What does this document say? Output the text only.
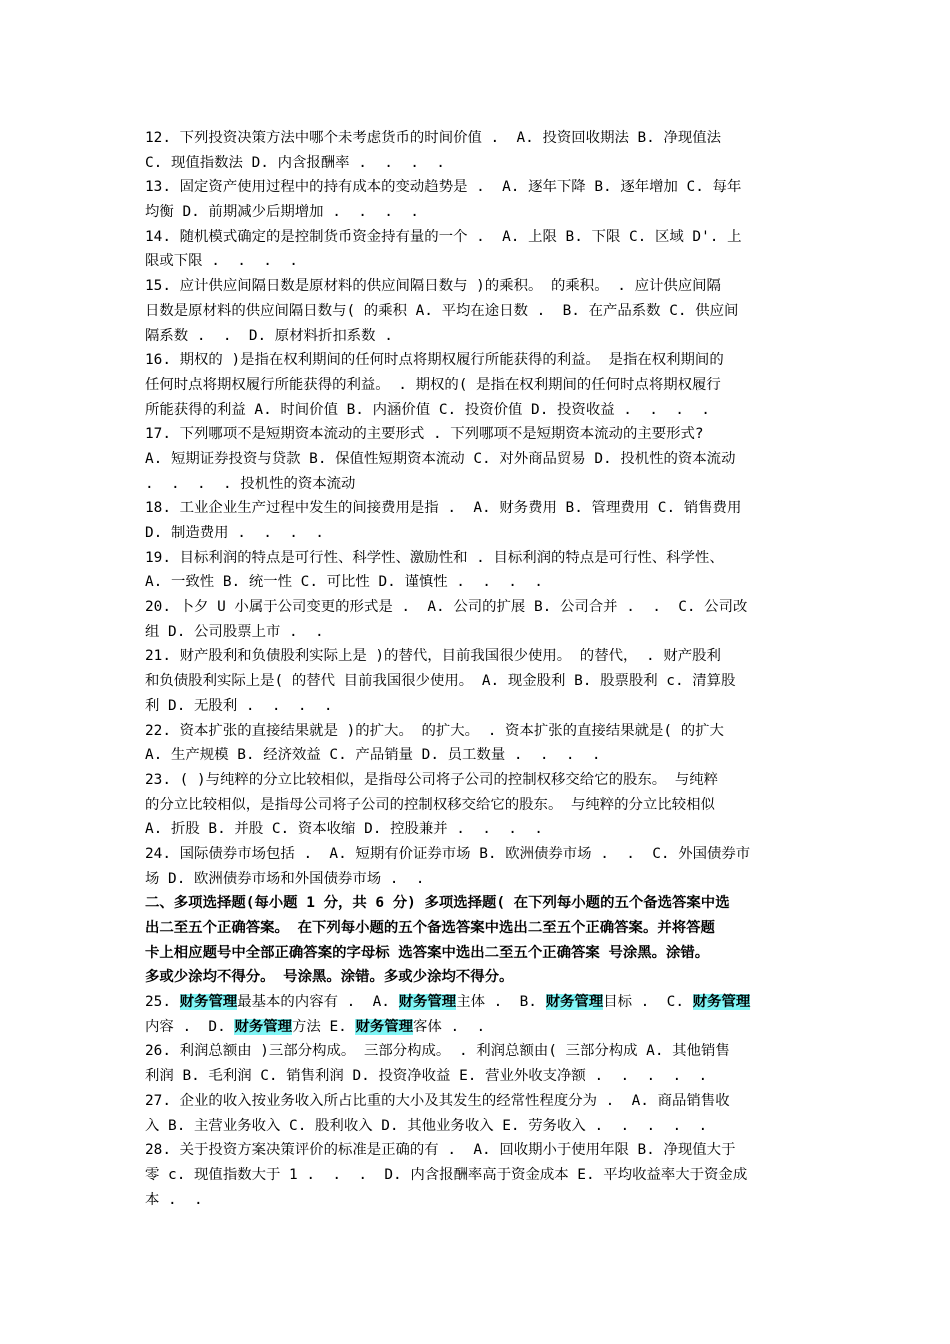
12. 下列投资决策方法中哪个未考虑货币的时间价值 .  A. 投资回收期法 B. 净现值法
C. 现值指数法 D. 内含报酬率 .  .  .  .
13. 固定资产使用过程中的持有成本的变动趋势是 .  A. 逐年下降 B. 逐年增加 C. 每年
均衡 D. 前期减少后期增加 .  .  .  .
14. 随机模式确定的是控制货币资金持有量的一个 .  A. 上限 B. 下限 C. 区域 D'. 上
限或下限 .  .  .  .
15. 应计供应间隔日数是原材料的供应间隔日数与 )的乘积。 的乘积。 . 应计供应间隔
日数是原材料的供应间隔日数与( 的乘积 A. 平均在途日数 .  B. 在产品系数 C. 供应间
隔系数 .  .  D. 原材料折扣系数 .
16. 期权的 )是指在权利期间的任何时点将期权履行所能获得的利益。 是指在权利期间的
任何时点将期权履行所能获得的利益。 . 期权的( 是指在权利期间的任何时点将期权履行
所能获得的利益 A. 时间价值 B. 内涵价值 C. 投资价值 D. 投资收益 .  .  .  .
17. 下列哪项不是短期资本流动的主要形式 . 下列哪项不是短期资本流动的主要形式?
A. 短期证券投资与贷款 B. 保值性短期资本流动 C. 对外商品贸易 D. 投机性的资本流动
.  .  .  . 投机性的资本流动
18. 工业企业生产过程中发生的间接费用是指 .  A. 财务费用 B. 管理费用 C. 销售费用
D. 制造费用 .  .  .  .
19. 目标利润的特点是可行性、科学性、激励性和 . 目标利润的特点是可行性、科学性、
A. 一致性 B. 统一性 C. 可比性 D. 谨慎性 .  .  .  .
20. 卜夕 U 小属于公司变更的形式是 .  A. 公司的扩展 B. 公司合并 .  .  C. 公司改
组 D. 公司股票上市 .  .
21. 财产股利和负债股利实际上是 )的替代，目前我国很少使用。 的替代， . 财产股利
和负债股利实际上是( 的替代 目前我国很少使用。 A. 现金股利 B. 股票股利 c. 清算股
利 D. 无股利 .  .  .  .
22. 资本扩张的直接结果就是 )的扩大。 的扩大。 . 资本扩张的直接结果就是( 的扩大
A. 生产规模 B. 经济效益 C. 产品销量 D. 员工数量 .  .  .  .
23. ( )与纯粹的分立比较相似，是指母公司将子公司的控制权移交给它的股东。 与纯粹
的分立比较相似，是指母公司将子公司的控制权移交给它的股东。 与纯粹的分立比较相似
A. 折股 B. 并股 C. 资本收缩 D. 控股兼并 .  .  .  .
24. 国际债券市场包括 .  A. 短期有价证券市场 B. 欧洲债券市场 .  .  C. 外国债券市
场 D. 欧洲债券市场和外国债券市场 .  .
二、多项选择题(每小题 1 分，共 6 分) 多项选择题( 在下列每小题的五个备选答案中选
出二至五个正确答案。 在下列每小题的五个备选答案中选出二至五个正确答案。并将答题
卡上相应题号中全部正确答案的字母标 选答案中选出二至五个正确答案 号涂黑。涂错。
多或少涂均不得分。 号涂黑。涂错。多或少涂均不得分。
25. 财务管理最基本的内容有 .  A. 财务管理主体 .  B. 财务管理目标 .  C. 财务管理
内容 .  D. 财务管理方法 E. 财务管理客体 .  .
26. 利润总额由 )三部分构成。 三部分构成。 . 利润总额由( 三部分构成 A. 其他销售
利润 B. 毛利润 C. 销售利润 D. 投资净收益 E. 营业外收支净额 .  .  .  .  .
27. 企业的收入按业务收入所占比重的大小及其发生的经常性程度分为 .  A. 商品销售收
入 B. 主营业务收入 C. 股利收入 D. 其他业务收入 E. 劳务收入 .  .  .  .  .
28. 关于投资方案决策评价的标准是正确的有 .  A. 回收期小于使用年限 B. 净现值大于
零 c. 现值指数大于 1 .  .  .  D. 内含报酬率高于资金成本 E. 平均收益率大于资金成
本 .  .
